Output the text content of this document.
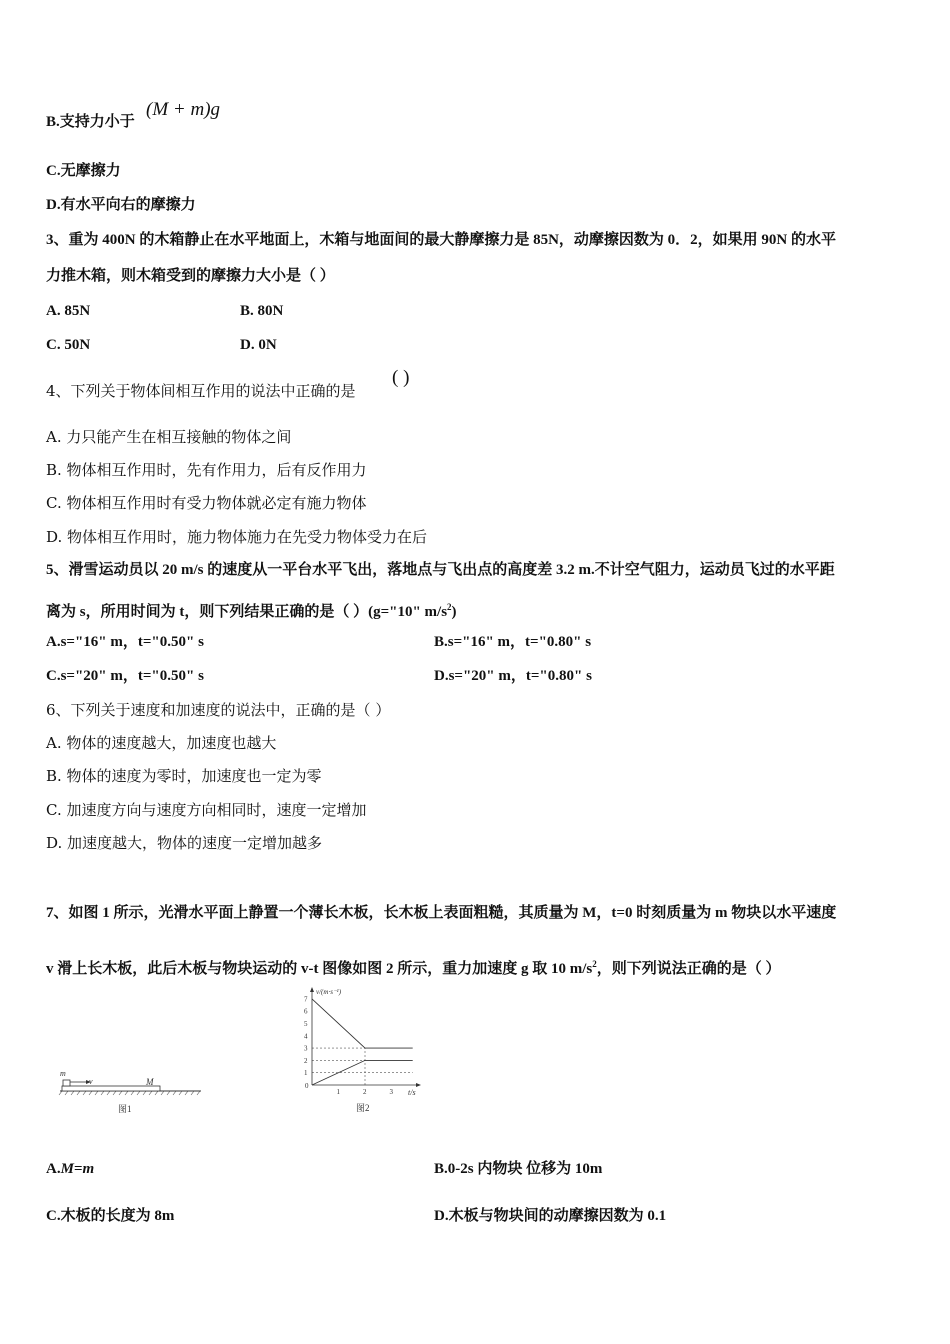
B.支持力小于
(M + m)g
C.无摩擦力
D.有水平向右的摩擦力
3、重为 400N 的木箱静止在水平地面上，木箱与地面间的最大静摩擦力是 85N，动摩擦因数为 0．2，如果用 90N 的水平
力推木箱，则木箱受到的摩擦力大小是（ ）
A. 85N	B. 80N
C. 50N	D. 0N
4、下列关于物体间相互作用的说法中正确的是
( )
A. 力只能产生在相互接触的物体之间
B. 物体相互作用时，先有作用力，后有反作用力
C. 物体相互作用时有受力物体就必定有施力物体
D. 物体相互作用时，施力物体施力在先受力物体受力在后
5、滑雪运动员以 20 m/s 的速度从一平台水平飞出，落地点与飞出点的高度差 3.2 m.不计空气阻力，运动员飞过的水平距
离为 s，所用时间为 t，则下列结果正确的是（ ）(g="10" $m/s^2$)
A.s="16" m，t="0.50" s	B.s="16" m，t="0.80" s
C.s="20" m，t="0.50" s	D.s="20" m，t="0.80" s
6、下列关于速度和加速度的说法中，正确的是（ ）
A. 物体的速度越大，加速度也越大
B. 物体的速度为零时，加速度也一定为零
C. 加速度方向与速度方向相同时，速度一定增加
D. 加速度越大，物体的速度一定增加越多
7、如图 1 所示，光滑水平面上静置一个薄长木板，长木板上表面粗糙，其质量为 M，t=0 时刻质量为 m 物块以水平速度
v 滑上长木板，此后木板与物块运动的 v-t 图像如图 2 所示，重力加速度 g 取 10 $m/s^2$，则下列说法正确的是（ ）
m
v	M
图1
1
2
3
4
5
6
7
1	2	3
v/(m·s⁻¹)
t/s
0
图2
A.M=m	B.0-2s 内物块 位移为 10m
C.木板的长度为 8m	D.木板与物块间的动摩擦因数为 0.1
